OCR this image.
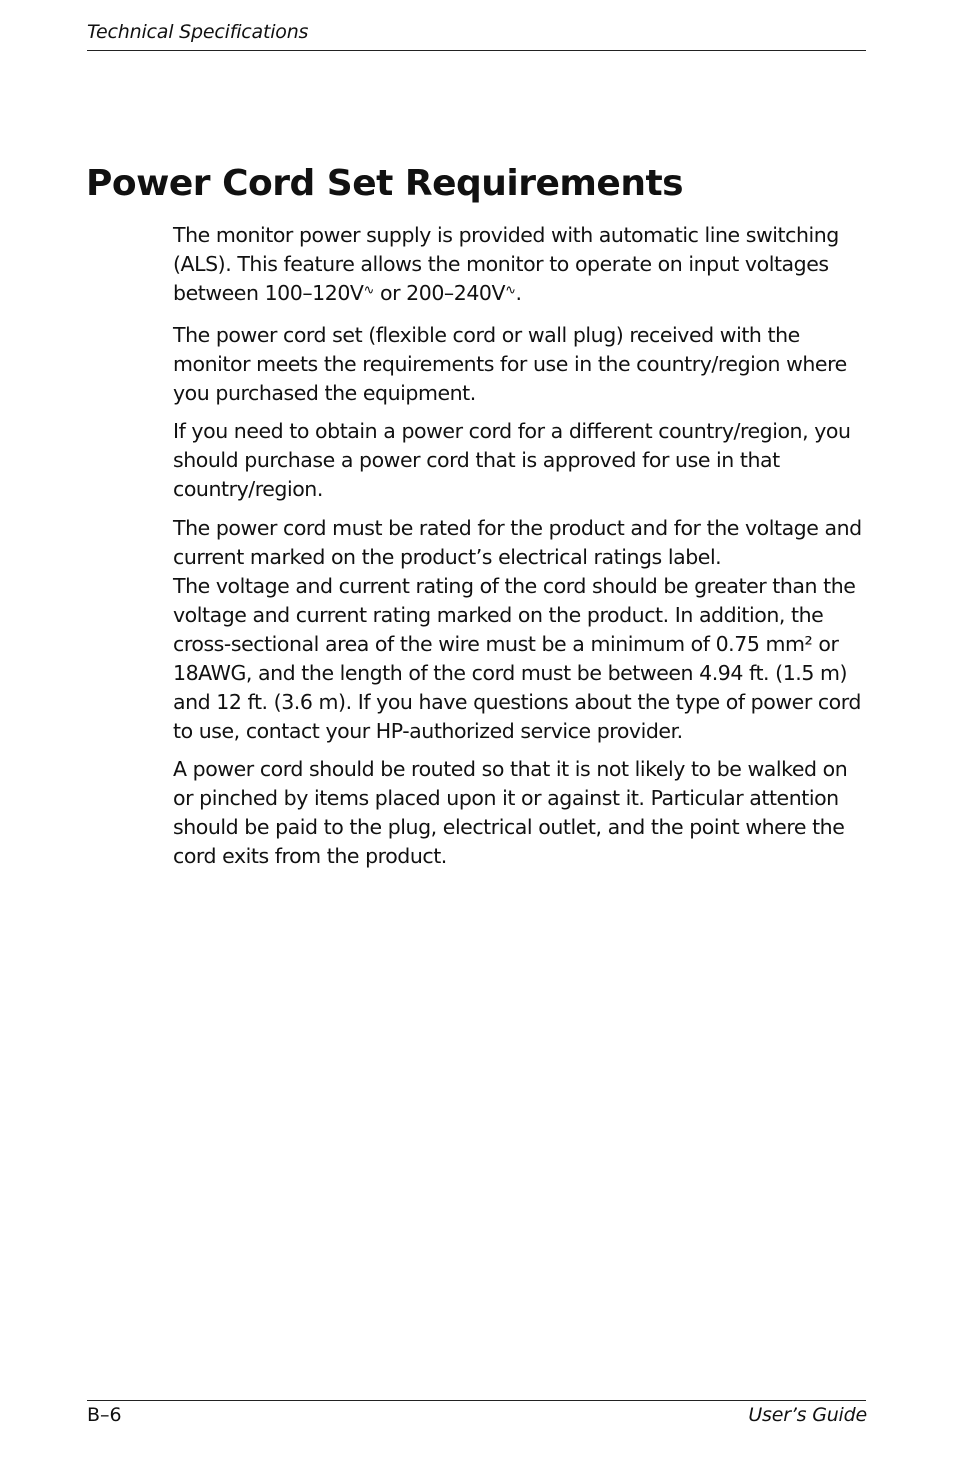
Technical Specifications
Power Cord Set Requirements

The monitor power supply is provided with automatic line switching (ALS). This feature allows the monitor to operate on input voltages between 100–120V∿ or 200–240V∿.

The power cord set (flexible cord or wall plug) received with the monitor meets the requirements for use in the country/region where you purchased the equipment.

If you need to obtain a power cord for a different country/region, you should purchase a power cord that is approved for use in that country/region.

The power cord must be rated for the product and for the voltage and current marked on the product’s electrical ratings label.

The voltage and current rating of the cord should be greater than the voltage and current rating marked on the product. In addition, the cross-sectional area of the wire must be a minimum of 0.75 mm² or 18AWG, and the length of the cord must be between 4.94 ft. (1.5 m) and 12 ft. (3.6 m). If you have questions about the type of power cord to use, contact your HP-authorized service provider.

A power cord should be routed so that it is not likely to be walked on or pinched by items placed upon it or against it. Particular attention should be paid to the plug, electrical outlet, and the point where the cord exits from the product.

B–6	User’s Guide
